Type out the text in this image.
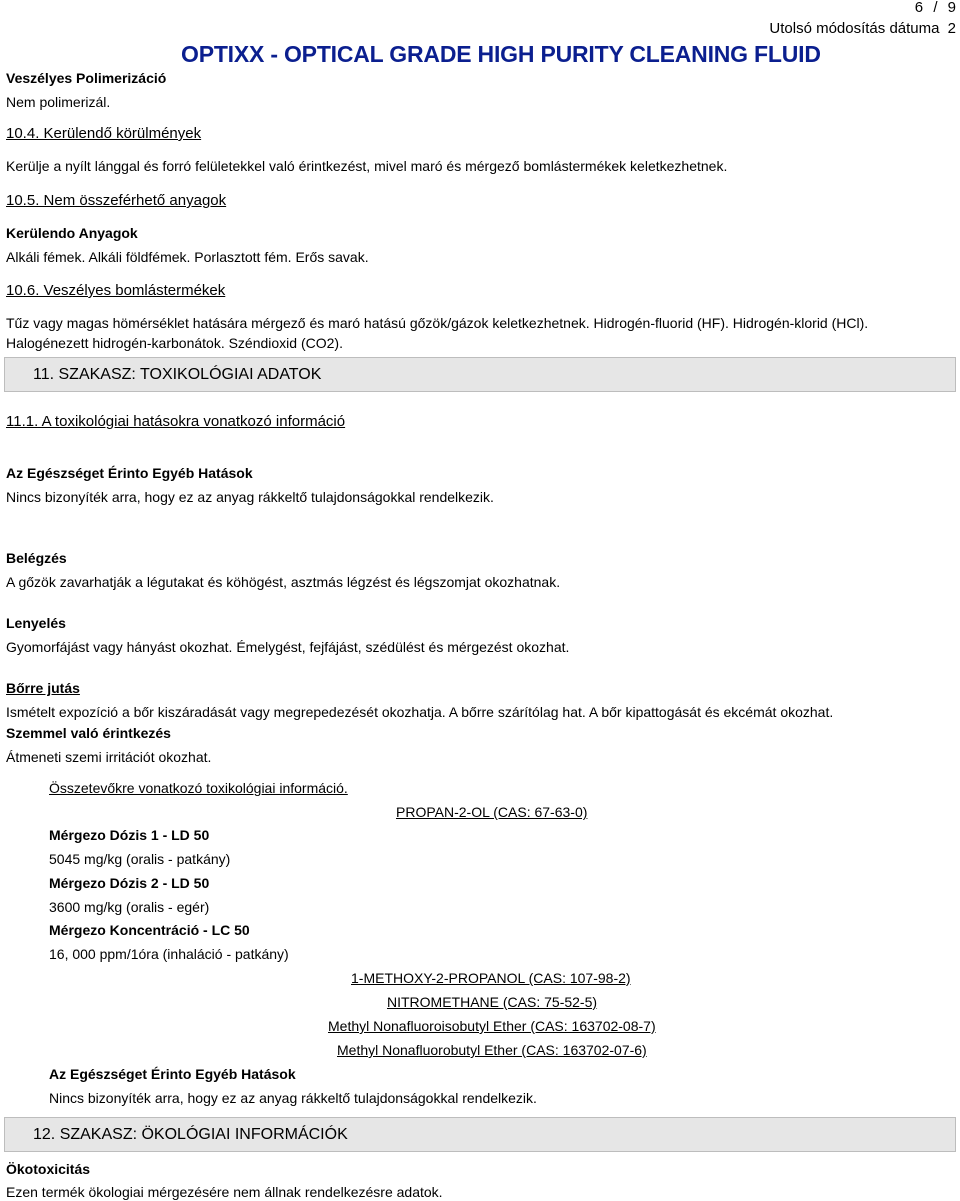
6 / 9
Utolsó módosítás dátuma 2
OPTIXX - OPTICAL GRADE HIGH PURITY CLEANING FLUID
Veszélyes Polimerizáció
Nem polimerizál.
10.4. Kerülendő körülmények
Kerülje a nyílt lánggal és forró felületekkel való érintkezést, mivel maró és mérgező bomlástermékek keletkezhetnek.
10.5. Nem összeférhető anyagok
Kerülendo Anyagok
Alkáli fémek. Alkáli földfémek. Porlasztott fém. Erős savak.
10.6. Veszélyes bomlástermékek
Tűz vagy magas hömérséklet hatására mérgező és maró hatású gőzök/gázok keletkezhetnek. Hidrogén-fluorid (HF). Hidrogén-klorid (HCl).
Halogénezett hidrogén-karbonátok. Széndioxid (CO2).
11. SZAKASZ: TOXIKOLÓGIAI ADATOK
11.1. A toxikológiai hatásokra vonatkozó információ
Az Egészséget Érinto Egyéb Hatások
Nincs bizonyíték arra, hogy ez az anyag rákkeltő tulajdonságokkal rendelkezik.
Belégzés
A gőzök zavarhatják a légutakat és köhögést, asztmás légzést és légszomjat okozhatnak.
Lenyelés
Gyomorfájást vagy hányást okozhat. Émelygést, fejfájást, szédülést és mérgezést okozhat.
Bőrre jutás
Ismételt expozíció a bőr kiszáradását vagy megrepedezését okozhatja. A bőrre szárítólag hat. A bőr kipattogását és ekcémát okozhat.
Szemmel való érintkezés
Átmeneti szemi irritációt okozhat.
Összetevőkre vonatkozó toxikológiai információ.
PROPAN-2-OL (CAS: 67-63-0)
Mérgezo Dózis 1 - LD 50
5045 mg/kg (oralis - patkány)
Mérgezo Dózis 2 - LD 50
3600 mg/kg (oralis - egér)
Mérgezo Koncentráció - LC 50
16, 000 ppm/1óra (inhaláció - patkány)
1-METHOXY-2-PROPANOL (CAS: 107-98-2)
NITROMETHANE (CAS: 75-52-5)
Methyl Nonafluoroisobutyl Ether (CAS: 163702-08-7)
Methyl Nonafluorobutyl Ether (CAS: 163702-07-6)
Az Egészséget Érinto Egyéb Hatások
Nincs bizonyíték arra, hogy ez az anyag rákkeltő tulajdonságokkal rendelkezik.
12. SZAKASZ: ÖKOLÓGIAI INFORMÁCIÓK
Ökotoxicitás
Ezen termék ökologiai mérgezésére nem állnak rendelkezésre adatok.
